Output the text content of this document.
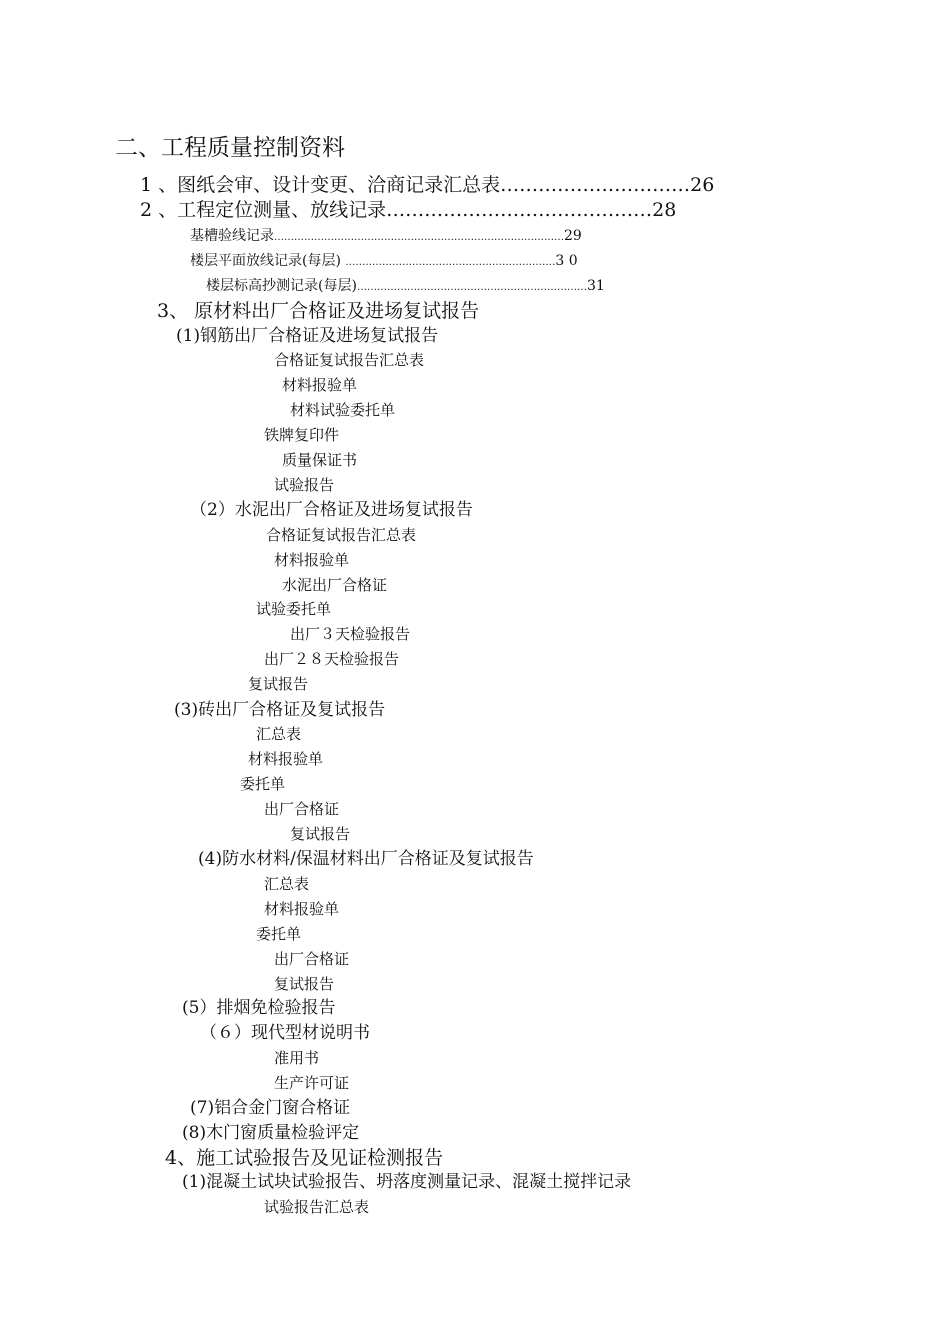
二、工程质量控制资料
1 、图纸会审、设计变更、洽商记录汇总表…………………………26
2 、工程定位测量、放线记录……………………………………28
基槽验线记录……………………………………………………………………………29
楼层平面放线记录(每层) ………………………………………………………3 0
楼层标高抄测记录(每层)……………………………………………………………31
3、 原材料出厂合格证及进场复试报告
(1)钢筋出厂合格证及进场复试报告
合格证复试报告汇总表
材料报验单
材料试验委托单
铁牌复印件
质量保证书
试验报告
（2）水泥出厂合格证及进场复试报告
合格证复试报告汇总表
材料报验单
水泥出厂合格证
试验委托单
出厂３天检验报告
出厂２８天检验报告
复试报告
(3)砖出厂合格证及复试报告
汇总表
材料报验单
委托单
出厂合格证
复试报告
(4)防水材料/保温材料出厂合格证及复试报告
汇总表
材料报验单
委托单
出厂合格证
复试报告
(5）排烟免检验报告
（６）现代型材说明书
准用书
生产许可证
(7)铝合金门窗合格证
(8)木门窗质量检验评定
4、施工试验报告及见证检测报告
(1)混凝土试块试验报告、坍落度测量记录、混凝土搅拌记录
试验报告汇总表
